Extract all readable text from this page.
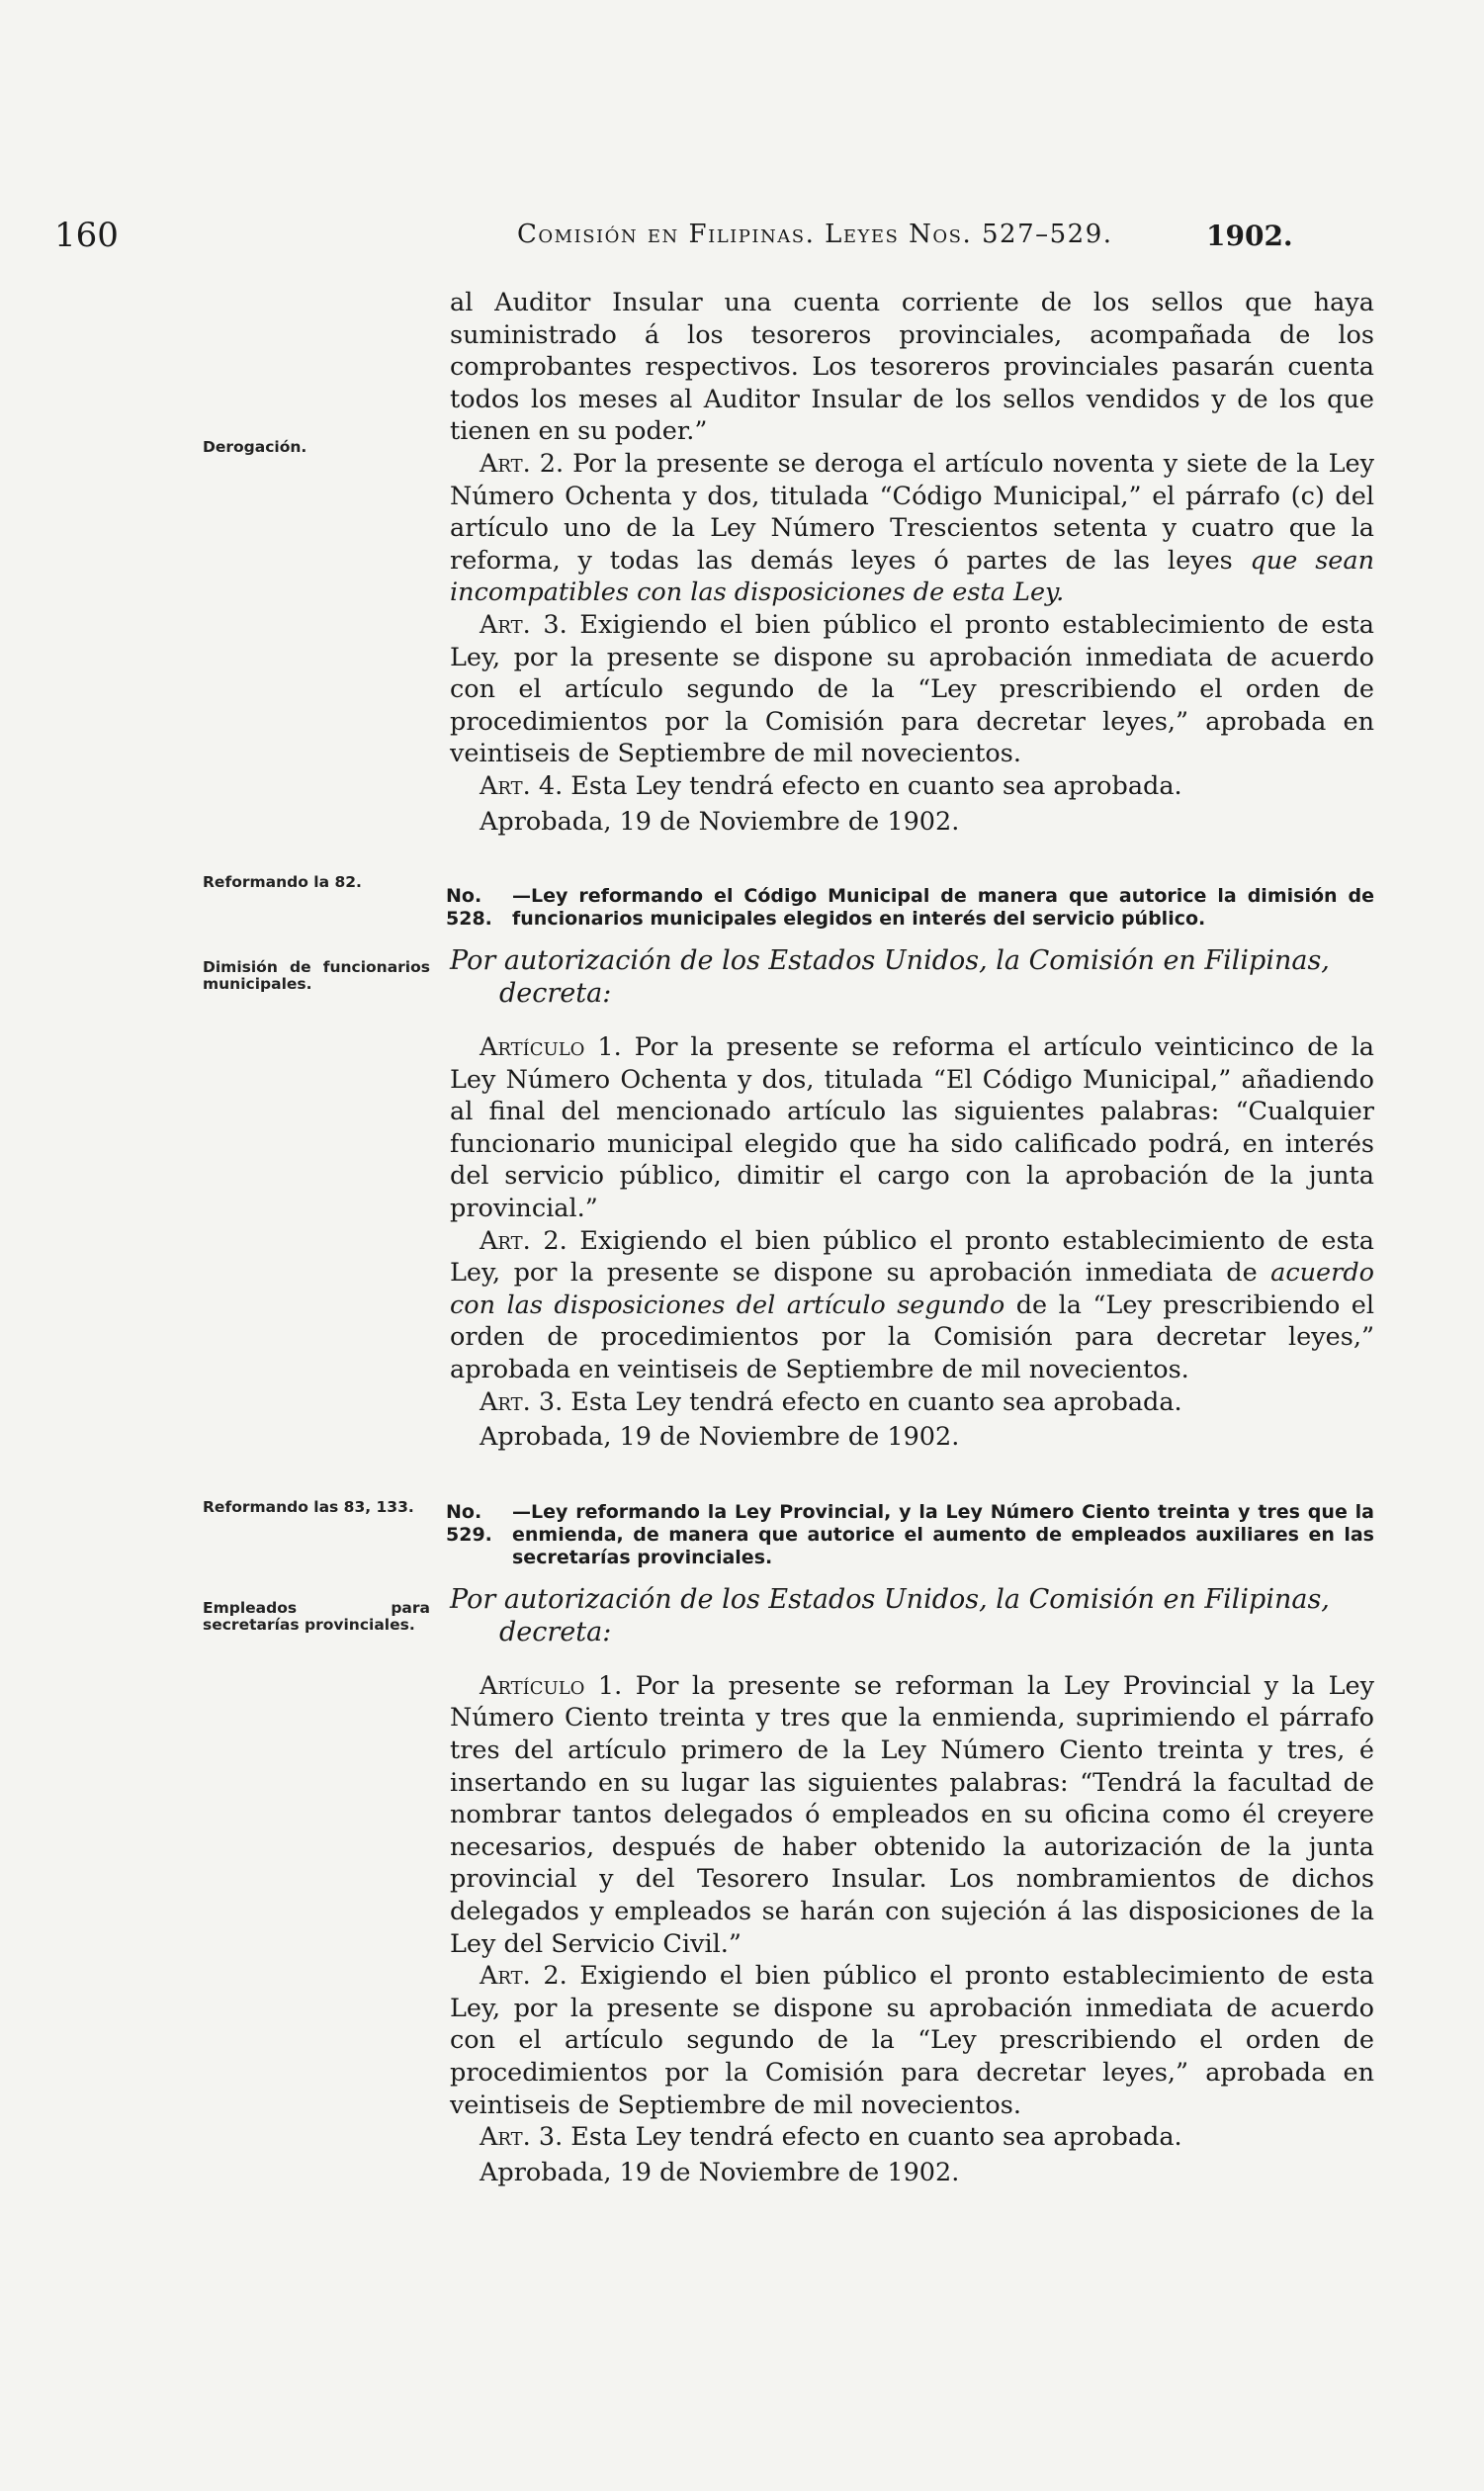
160	Comisión en Filipinas. Leyes Nos. 527–529.	1902.
Derogación.
Reformando la 82.
Dimisión de funcionarios municipales.
Reformando las 83, 133.
Empleados para secretarías provinciales.

al Auditor Insular una cuenta corriente de los sellos que haya suministrado á los tesoreros provinciales, acompañada de los comprobantes respectivos. Los tesoreros provinciales pasarán cuenta todos los meses al Auditor Insular de los sellos vendidos y de los que tienen en su poder.”

Art. 2. Por la presente se deroga el artículo noventa y siete de la Ley Número Ochenta y dos, titulada “Código Municipal,” el párrafo (c) del artículo uno de la Ley Número Trescientos setenta y cuatro que la reforma, y todas las demás leyes ó partes de las leyes que sean incompatibles con las disposiciones de esta Ley.

Art. 3. Exigiendo el bien público el pronto establecimiento de esta Ley, por la presente se dispone su aprobación inmediata de acuerdo con el artículo segundo de la “Ley prescribiendo el orden de procedimientos por la Comisión para decretar leyes,” aprobada en veintiseis de Septiembre de mil novecientos.

Art. 4. Esta Ley tendrá efecto en cuanto sea aprobada.

Aprobada, 19 de Noviembre de 1902.

No. 528.
—Ley reformando el Código Municipal de manera que autorice la dimisión de funcionarios municipales elegidos en interés del servicio público.
Por autorización de los Estados Unidos, la Comisión en Filipinas,
decreta:

Artículo 1. Por la presente se reforma el artículo veinticinco de la Ley Número Ochenta y dos, titulada “El Código Municipal,” añadiendo al final del mencionado artículo las siguientes palabras: “Cualquier funcionario municipal elegido que ha sido calificado podrá, en interés del servicio público, dimitir el cargo con la aprobación de la junta provincial.”

Art. 2. Exigiendo el bien público el pronto establecimiento de esta Ley, por la presente se dispone su aprobación inmediata de acuerdo con las disposiciones del artículo segundo de la “Ley prescribiendo el orden de procedimientos por la Comisión para decretar leyes,” aprobada en veintiseis de Septiembre de mil novecientos.

Art. 3. Esta Ley tendrá efecto en cuanto sea aprobada.

Aprobada, 19 de Noviembre de 1902.

No. 529.
—Ley reformando la Ley Provincial, y la Ley Número Ciento treinta y tres que la enmienda, de manera que autorice el aumento de empleados auxiliares en las secretarías provinciales.
Por autorización de los Estados Unidos, la Comisión en Filipinas,
decreta:

Artículo 1. Por la presente se reforman la Ley Provincial y la Ley Número Ciento treinta y tres que la enmienda, suprimiendo el párrafo tres del artículo primero de la Ley Número Ciento treinta y tres, é insertando en su lugar las siguientes palabras: “Tendrá la facultad de nombrar tantos delegados ó empleados en su oficina como él creyere necesarios, después de haber obtenido la autorización de la junta provincial y del Tesorero Insular. Los nombramientos de dichos delegados y empleados se harán con sujeción á las disposiciones de la Ley del Servicio Civil.”

Art. 2. Exigiendo el bien público el pronto establecimiento de esta Ley, por la presente se dispone su aprobación inmediata de acuerdo con el artículo segundo de la “Ley prescribiendo el orden de procedimientos por la Comisión para decretar leyes,” aprobada en veintiseis de Septiembre de mil novecientos.

Art. 3. Esta Ley tendrá efecto en cuanto sea aprobada.

Aprobada, 19 de Noviembre de 1902.
